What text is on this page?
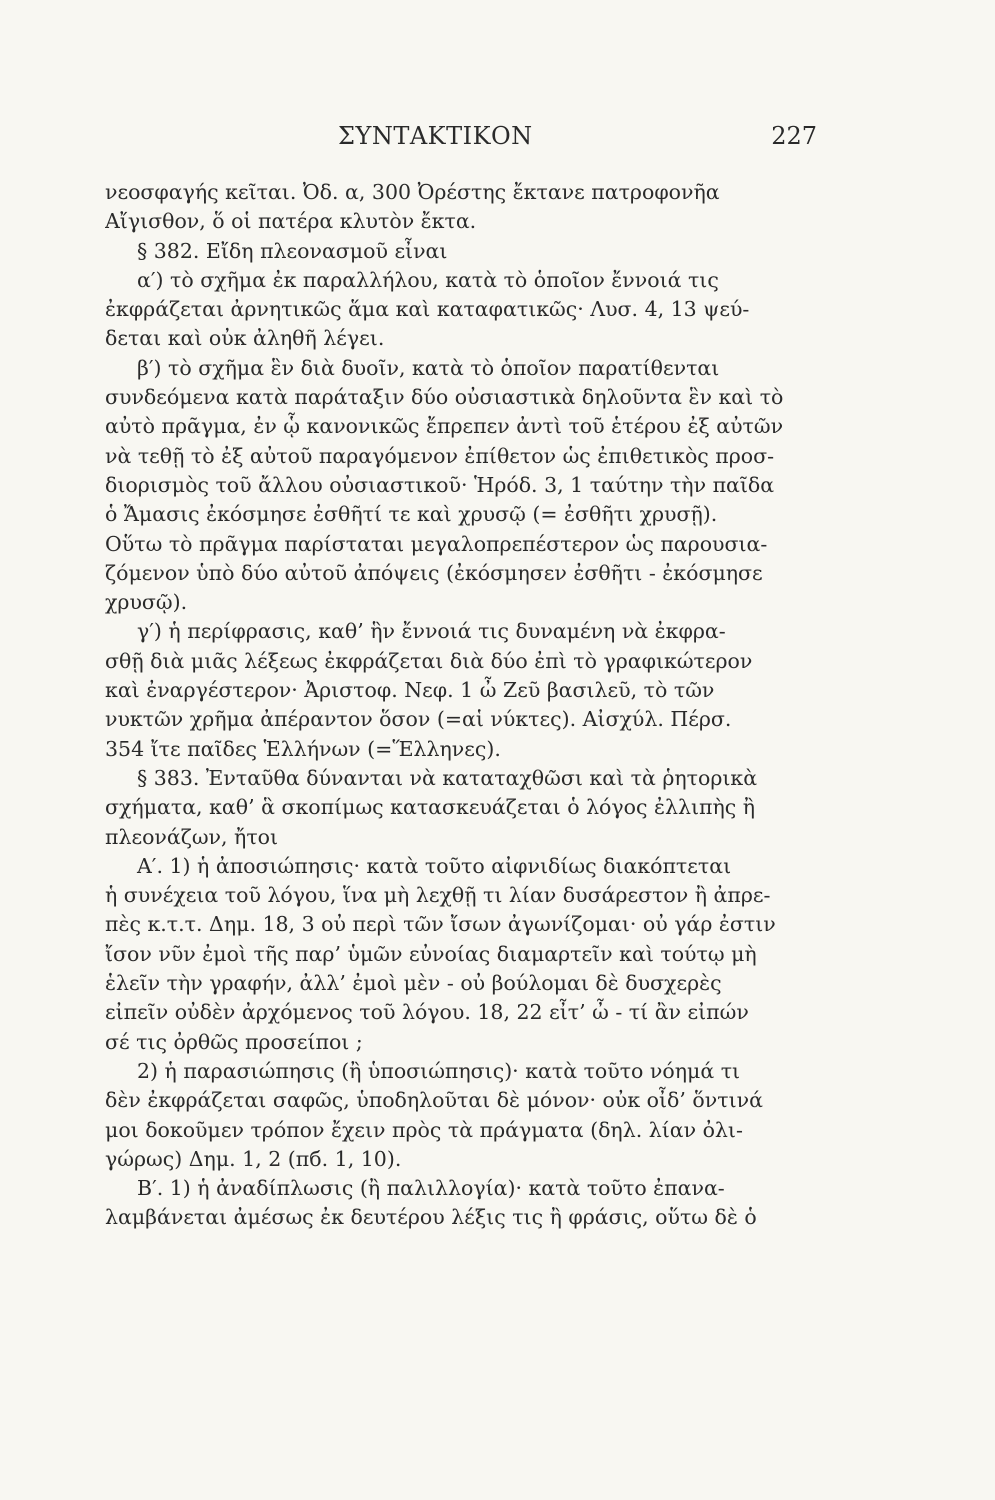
ΣΥΝΤΑΚΤΙΚΟΝ	227
νεοσφαγής κεῖται. Ὀδ. α, 300 Ὀρέστης ἔκτανε πατροφονῆα
Αἴγισθον, ὅ οἱ πατέρα κλυτὸν ἔκτα.
§ 382. Εἴδη πλεονασμοῦ εἶναι
α′) τὸ σχῆμα ἐκ παραλλήλου, κατὰ τὸ ὁποῖον ἔννοιά τις
ἐκφράζεται ἀρνητικῶς ἅμα καὶ καταφατικῶς· Λυσ. 4, 13 ψεύ-
δεται καὶ οὐκ ἀληθῆ λέγει.
β′) τὸ σχῆμα ἓν διὰ δυοῖν, κατὰ τὸ ὁποῖον παρατίθενται
συνδεόμενα κατὰ παράταξιν δύο οὐσιαστικὰ δηλοῦντα ἓν καὶ τὸ
αὐτὸ πρᾶγμα, ἐν ᾧ κανονικῶς ἔπρεπεν ἀντὶ τοῦ ἑτέρου ἐξ αὐτῶν
νὰ τεθῇ τὸ ἐξ αὐτοῦ παραγόμενον ἐπίθετον ὡς ἐπιθετικὸς προσ-
διορισμὸς τοῦ ἄλλου οὐσιαστικοῦ· Ἡρόδ. 3, 1 ταύτην τὴν παῖδα
ὁ Ἄμασις ἐκόσμησε ἐσθῆτί τε καὶ χρυσῷ (= ἐσθῆτι χρυσῇ).
Οὕτω τὸ πρᾶγμα παρίσταται μεγαλοπρεπέστερον ὡς παρουσια-
ζόμενον ὑπὸ δύο αὐτοῦ ἀπόψεις (ἐκόσμησεν ἐσθῆτι - ἐκόσμησε
χρυσῷ).
γ′) ἡ περίφρασις, καθ’ ἣν ἔννοιά τις δυναμένη νὰ ἐκφρα-
σθῇ διὰ μιᾶς λέξεως ἐκφράζεται διὰ δύο ἐπὶ τὸ γραφικώτερον
καὶ ἐναργέστερον· Ἀριστοφ. Νεφ. 1 ὦ Ζεῦ βασιλεῦ, τὸ τῶν
νυκτῶν χρῆμα ἀπέραντον ὅσον (=αἱ νύκτες). Αἰσχύλ. Πέρσ.
354 ἴτε παῖδες Ἑλλήνων (=Ἕλληνες).
§ 383. Ἐνταῦθα δύνανται νὰ καταταχθῶσι καὶ τὰ ῥητορικὰ
σχήματα, καθ’ ἃ σκοπίμως κατασκευάζεται ὁ λόγος ἐλλιπὴς ἢ
πλεονάζων, ἤτοι
Α′. 1) ἡ ἀποσιώπησις· κατὰ τοῦτο αἰφνιδίως διακόπτεται
ἡ συνέχεια τοῦ λόγου, ἵνα μὴ λεχθῇ τι λίαν δυσάρεστον ἢ ἀπρε-
πὲς κ.τ.τ. Δημ. 18, 3 οὐ περὶ τῶν ἴσων ἀγωνίζομαι· οὐ γάρ ἐστιν
ἴσον νῦν ἐμοὶ τῆς παρ’ ὑμῶν εὐνοίας διαμαρτεῖν καὶ τούτῳ μὴ
ἑλεῖν τὴν γραφήν, ἀλλ’ ἐμοὶ μὲν - οὐ βούλομαι δὲ δυσχερὲς
εἰπεῖν οὐδὲν ἀρχόμενος τοῦ λόγου. 18, 22 εἶτ’ ὦ - τί ἂν εἰπών
σέ τις ὀρθῶς προσείποι ;
2) ἡ παρασιώπησις (ἢ ὑποσιώπησις)· κατὰ τοῦτο νόημά τι
δὲν ἐκφράζεται σαφῶς, ὑποδηλοῦται δὲ μόνον· οὐκ οἶδ’ ὅντινά
μοι δοκοῦμεν τρόπον ἔχειν πρὸς τὰ πράγματα (δηλ. λίαν ὀλι-
γώρως) Δημ. 1, 2 (πб. 1, 10).
Β′. 1) ἡ ἀναδίπλωσις (ἢ παλιλλογία)· κατὰ τοῦτο ἐπανα-
λαμβάνεται ἀμέσως ἐκ δευτέρου λέξις τις ἢ φράσις, οὕτω δὲ ὁ
